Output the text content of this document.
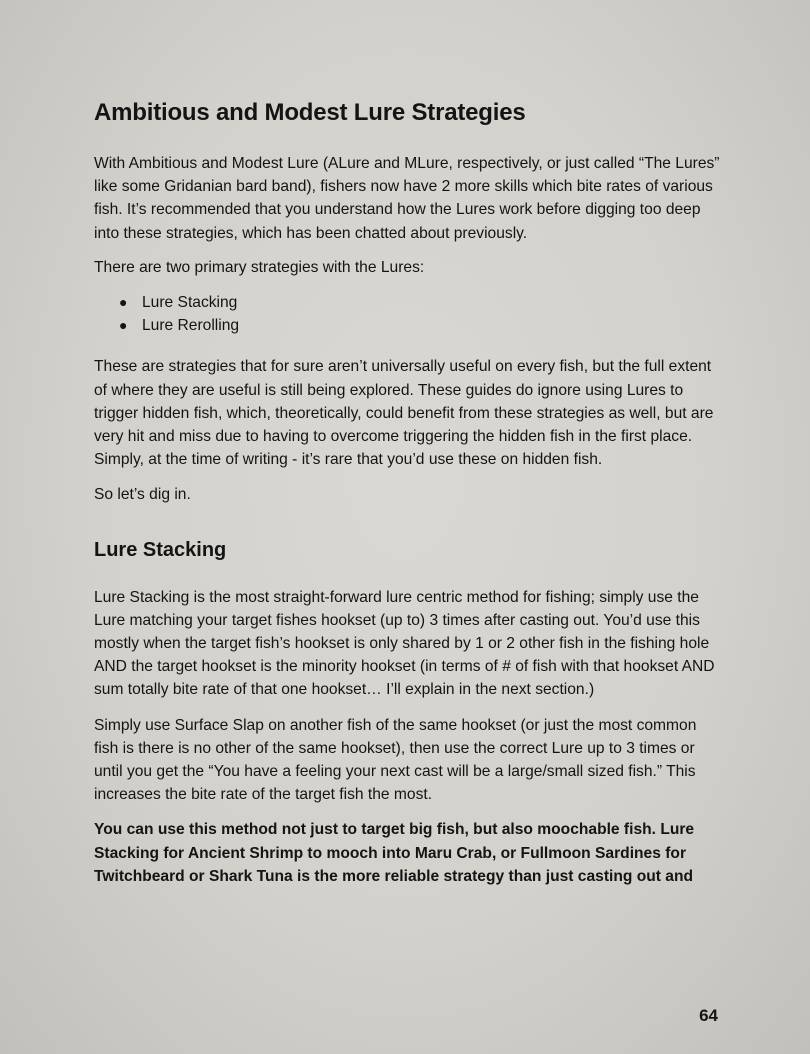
Ambitious and Modest Lure Strategies

With Ambitious and Modest Lure (ALure and MLure, respectively, or just called “The Lures” like some Gridanian bard band), fishers now have 2 more skills which bite rates of various fish. It’s recommended that you understand how the Lures work before digging too deep into these strategies, which has been chatted about previously.

There are two primary strategies with the Lures:

● Lure Stacking
● Lure Rerolling

These are strategies that for sure aren’t universally useful on every fish, but the full extent of where they are useful is still being explored. These guides do ignore using Lures to trigger hidden fish, which, theoretically, could benefit from these strategies as well, but are very hit and miss due to having to overcome triggering the hidden fish in the first place. Simply, at the time of writing - it’s rare that you’d use these on hidden fish.

So let’s dig in.

Lure Stacking

Lure Stacking is the most straight-forward lure centric method for fishing; simply use the Lure matching your target fishes hookset (up to) 3 times after casting out. You’d use this mostly when the target fish’s hookset is only shared by 1 or 2 other fish in the fishing hole AND the target hookset is the minority hookset (in terms of # of fish with that hookset AND sum totally bite rate of that one hookset… I’ll explain in the next section.)

Simply use Surface Slap on another fish of the same hookset (or just the most common fish is there is no other of the same hookset), then use the correct Lure up to 3 times or until you get the “You have a feeling your next cast will be a large/small sized fish.” This increases the bite rate of the target fish the most.

You can use this method not just to target big fish, but also moochable fish. Lure Stacking for Ancient Shrimp to mooch into Maru Crab, or Fullmoon Sardines for Twitchbeard or Shark Tuna is the more reliable strategy than just casting out and

64
